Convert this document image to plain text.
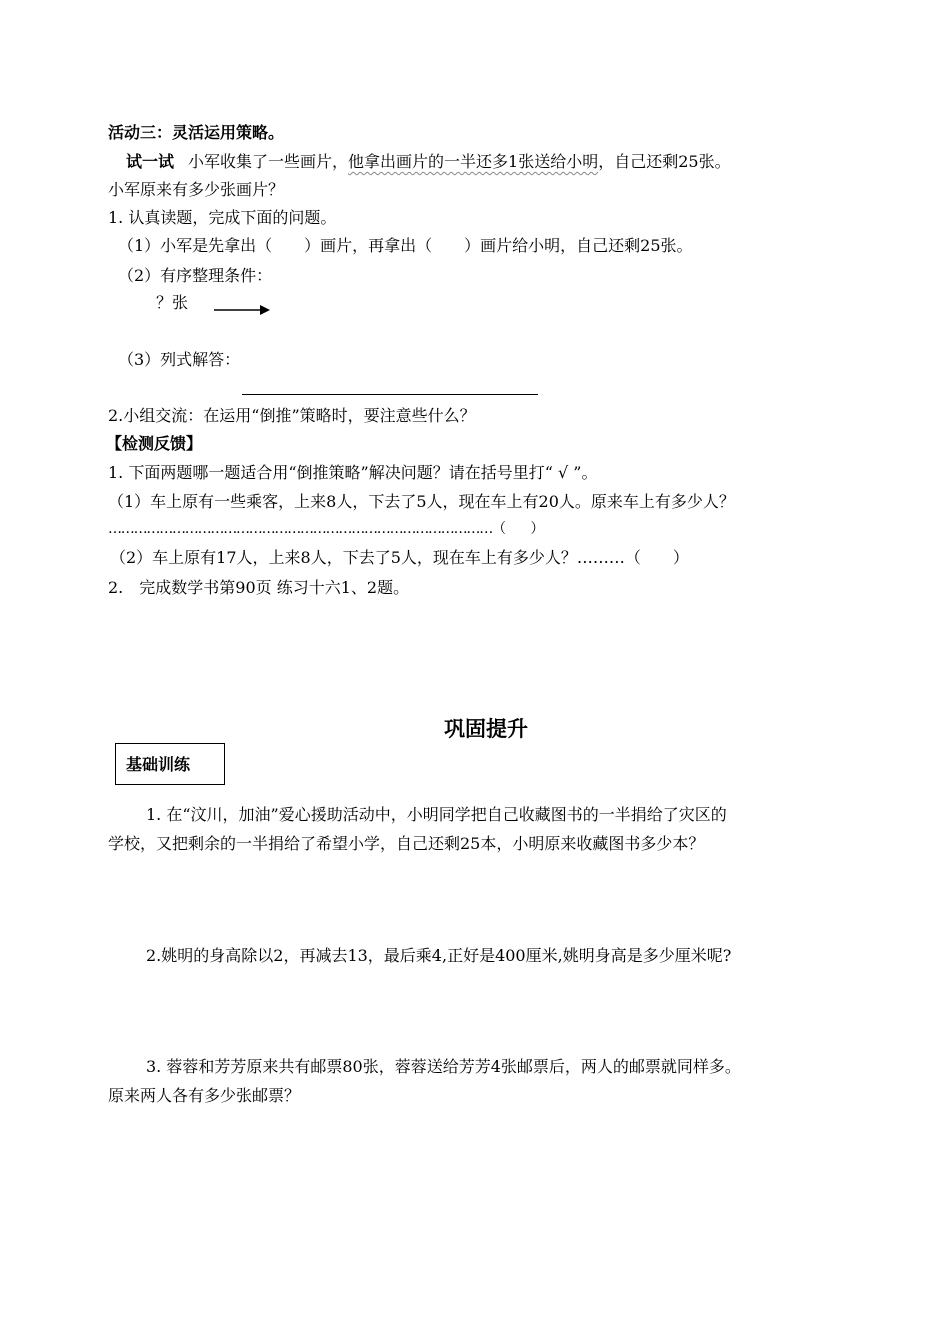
活动三：灵活运用策略。
试一试 小军收集了一些画片，他拿出画片的一半还多1张送给小明，自己还剩25张。
小军原来有多少张画片？
1. 认真读题，完成下面的问题。
（1）小军是先拿出（　　）画片，再拿出（　　）画片给小明，自己还剩25张。
（2）有序整理条件：
？张
（3）列式解答：
2.小组交流：在运用“倒推”策略时，要注意些什么？
【检测反馈】
1. 下面两题哪一题适合用“倒推策略”解决问题？请在括号里打“ √ ”。
（1）车上原有一些乘客，上来8人，下去了5人，现在车上有20人。原来车上有多少人？
………………………………………………………………………………（　　）
（2）车上原有17人，上来8人，下去了5人，现在车上有多少人？………（　　）
2.　完成数学书第90页 练习十六1、2题。
巩固提升
基础训练
1. 在“汶川，加油”爱心援助活动中，小明同学把自己收藏图书的一半捐给了灾区的
学校，又把剩余的一半捐给了希望小学，自己还剩25本，小明原来收藏图书多少本？
2.姚明的身高除以2，再减去13，最后乘4,正好是400厘米,姚明身高是多少厘米呢?
3. 蓉蓉和芳芳原来共有邮票80张，蓉蓉送给芳芳4张邮票后，两人的邮票就同样多。
原来两人各有多少张邮票？
